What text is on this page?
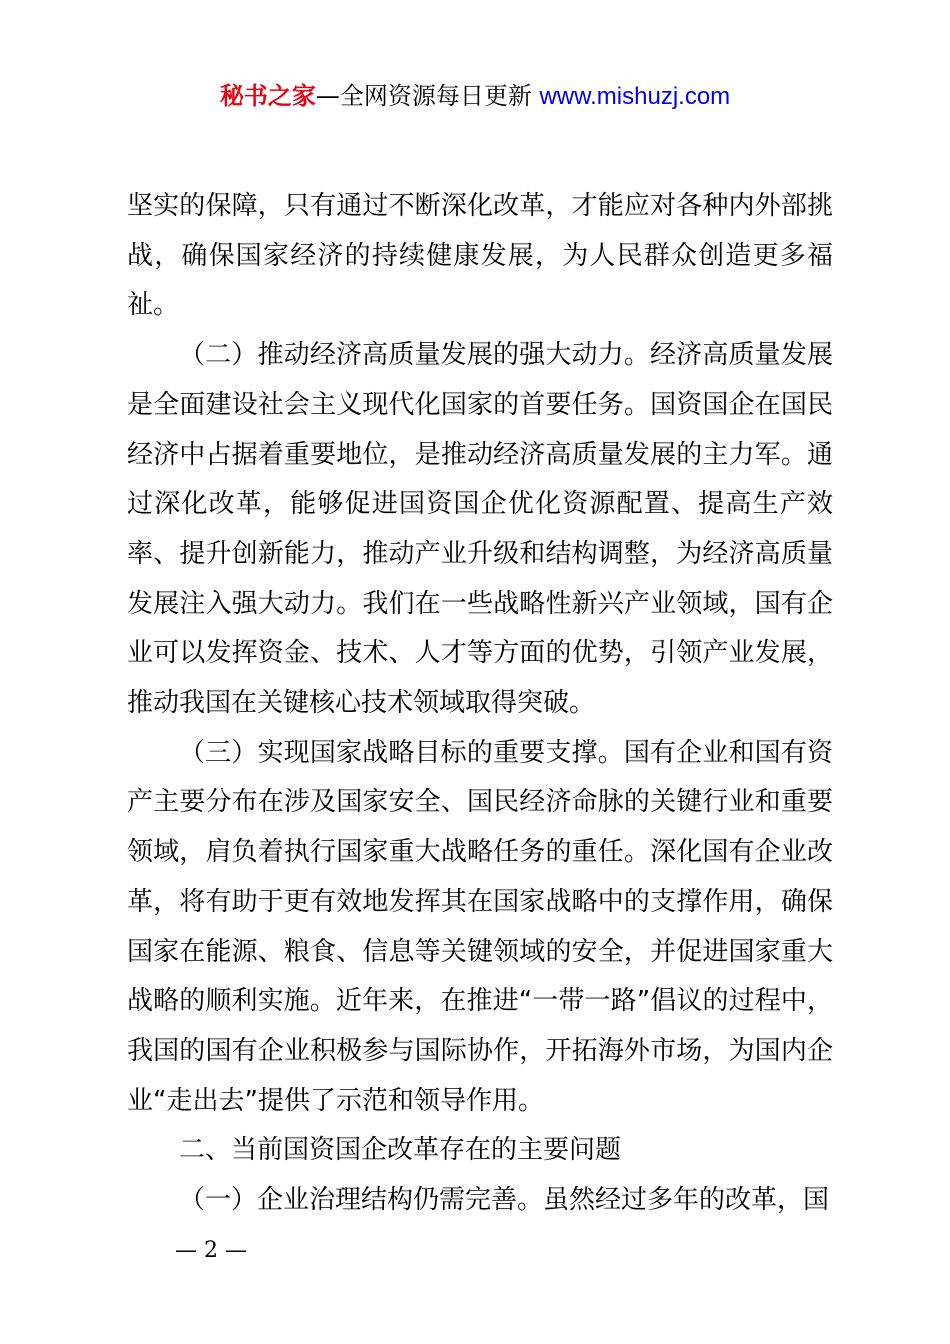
秘书之家—全网资源每日更新 www.mishuzj.com

坚实的保障，只有通过不断深化改革，才能应对各种内外部挑战，确保国家经济的持续健康发展，为人民群众创造更多福祉。

（二）推动经济高质量发展的强大动力。经济高质量发展是全面建设社会主义现代化国家的首要任务。国资国企在国民经济中占据着重要地位，是推动经济高质量发展的主力军。通过深化改革，能够促进国资国企优化资源配置、提高生产效率、提升创新能力，推动产业升级和结构调整，为经济高质量发展注入强大动力。我们在一些战略性新兴产业领域，国有企业可以发挥资金、技术、人才等方面的优势，引领产业发展，推动我国在关键核心技术领域取得突破。

（三）实现国家战略目标的重要支撑。国有企业和国有资产主要分布在涉及国家安全、国民经济命脉的关键行业和重要领域，肩负着执行国家重大战略任务的重任。深化国有企业改革，将有助于更有效地发挥其在国家战略中的支撑作用，确保国家在能源、粮食、信息等关键领域的安全，并促进国家重大战略的顺利实施。近年来，在推进“一带一路”倡议的过程中，我国的国有企业积极参与国际协作，开拓海外市场，为国内企业“走出去”提供了示范和领导作用。

二、当前国资国企改革存在的主要问题

（一）企业治理结构仍需完善。虽然经过多年的改革，国

— 2 —
